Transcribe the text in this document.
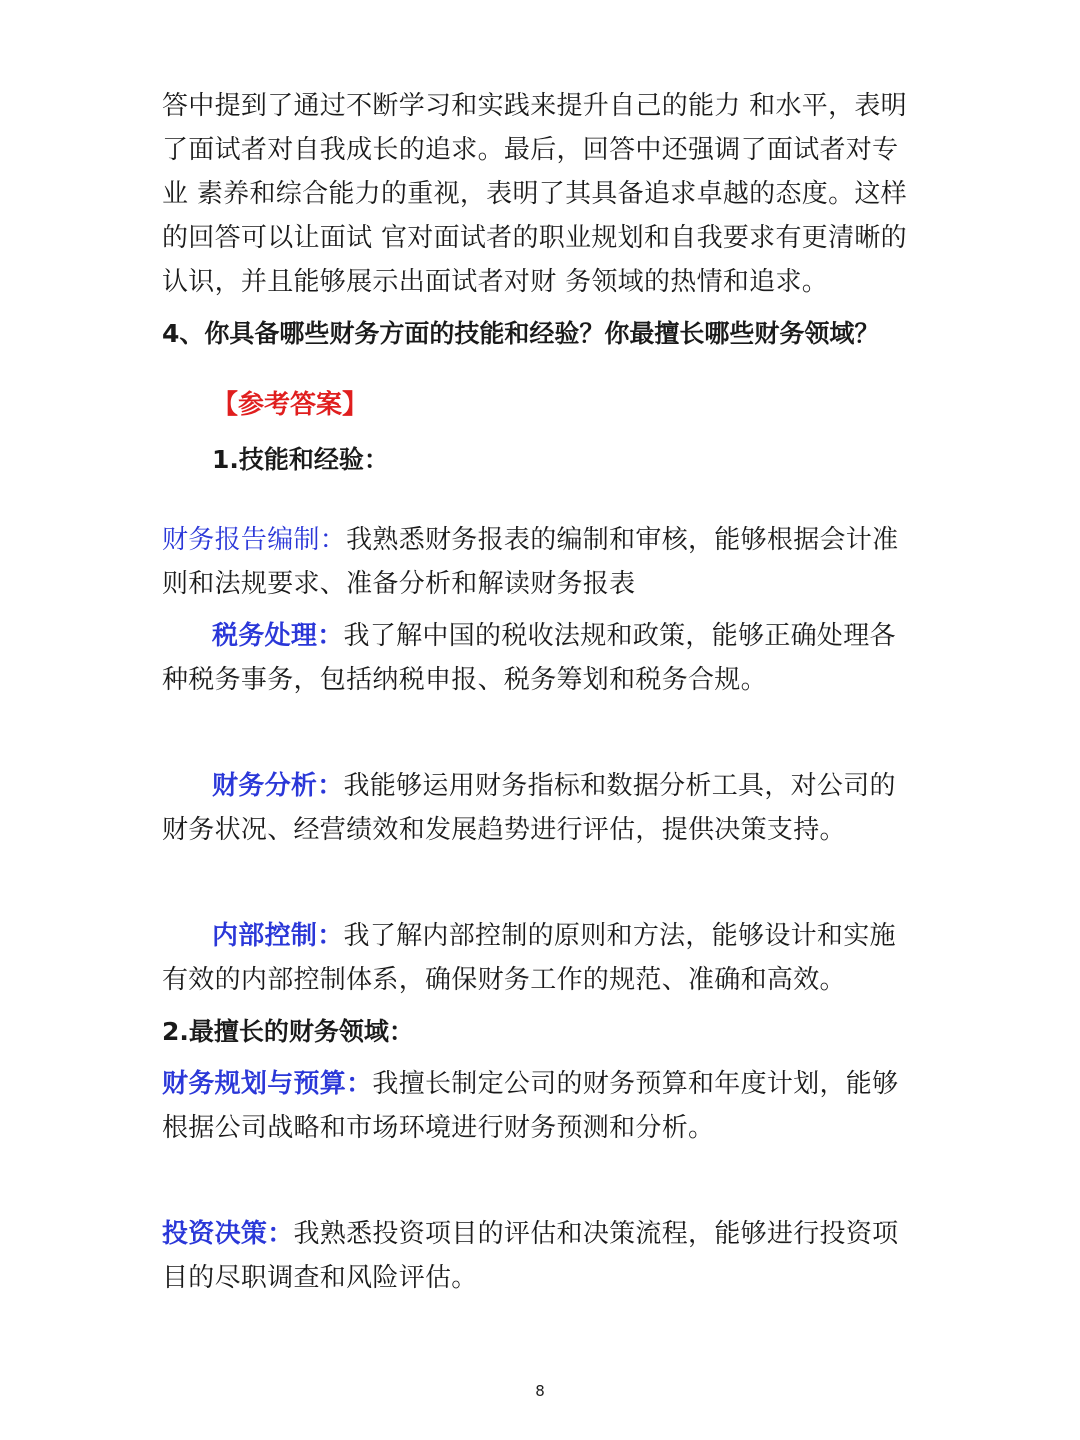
答中提到了通过不断学习和实践来提升自己的能力 和水平，表明了面试者对自我成长的追求。最后，回答中还强调了面试者对专业 素养和综合能力的重视，表明了其具备追求卓越的态度。这样的回答可以让面试 官对面试者的职业规划和自我要求有更清晰的认识，并且能够展示出面试者对财 务领域的热情和追求。

4、你具备哪些财务方面的技能和经验？你最擅长哪些财务领域？

【参考答案】

1.技能和经验：

财务报告编制：我熟悉财务报表的编制和审核，能够根据会计准则和法规要求、准备分析和解读财务报表

税务处理：我了解中国的税收法规和政策，能够正确处理各种税务事务，包括纳税申报、税务筹划和税务合规。

财务分析：我能够运用财务指标和数据分析工具，对公司的财务状况、经营绩效和发展趋势进行评估，提供决策支持。

内部控制：我了解内部控制的原则和方法，能够设计和实施有效的内部控制体系，确保财务工作的规范、准确和高效。

2.最擅长的财务领域：

财务规划与预算：我擅长制定公司的财务预算和年度计划，能够根据公司战略和市场环境进行财务预测和分析。

投资决策：我熟悉投资项目的评估和决策流程，能够进行投资项目的尽职调查和风险评估。

8
